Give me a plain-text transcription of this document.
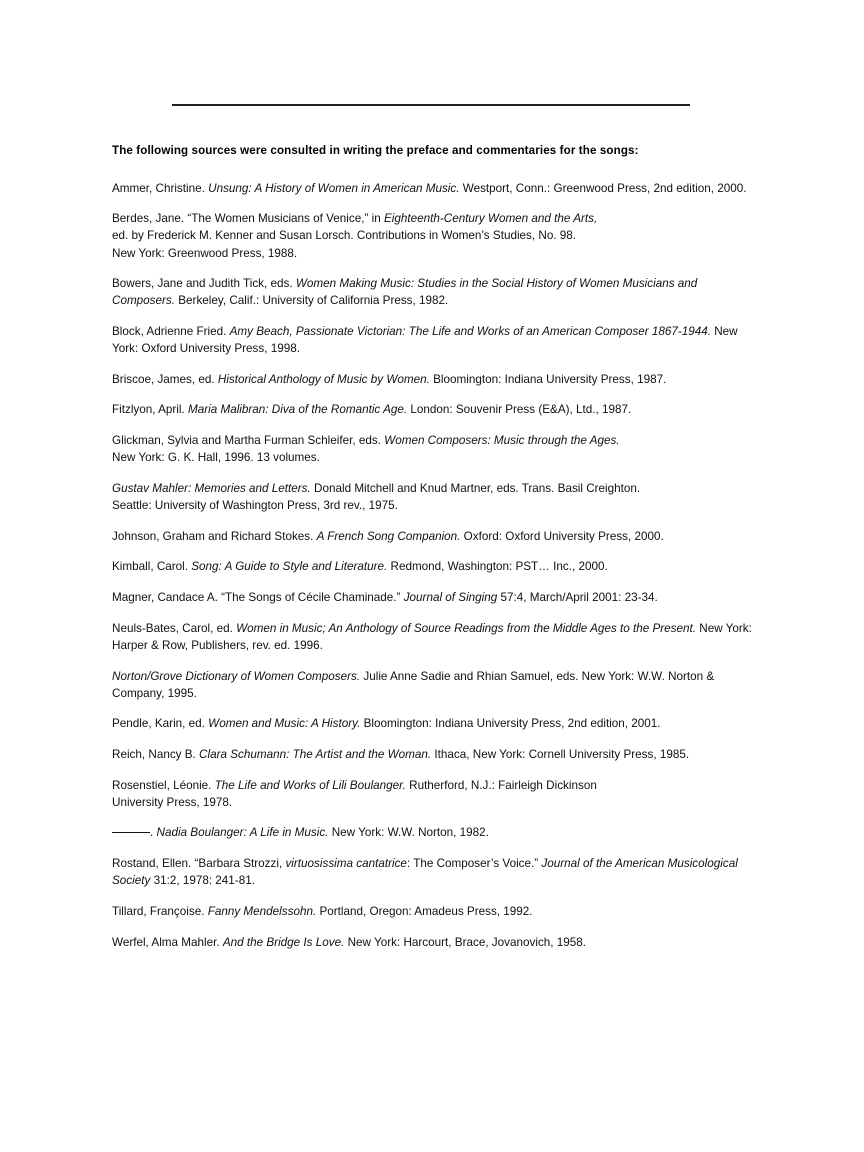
The following sources were consulted in writing the preface and commentaries for the songs:

Ammer, Christine. Unsung: A History of Women in American Music. Westport, Conn.: Greenwood Press, 2nd edition, 2000.

Berdes, Jane. “The Women Musicians of Venice,” in Eighteenth-Century Women and the Arts,
ed. by Frederick M. Kenner and Susan Lorsch. Contributions in Women’s Studies, No. 98.
New York: Greenwood Press, 1988.

Bowers, Jane and Judith Tick, eds. Women Making Music: Studies in the Social History of Women Musicians and Composers. Berkeley, Calif.: University of California Press, 1982.

Block, Adrienne Fried. Amy Beach, Passionate Victorian: The Life and Works of an American Composer 1867-1944. New York: Oxford University Press, 1998.

Briscoe, James, ed. Historical Anthology of Music by Women. Bloomington: Indiana University Press, 1987.

Fitzlyon, April. Maria Malibran: Diva of the Romantic Age. London: Souvenir Press (E&A), Ltd., 1987.

Glickman, Sylvia and Martha Furman Schleifer, eds. Women Composers: Music through the Ages.
New York: G. K. Hall, 1996. 13 volumes.

Gustav Mahler: Memories and Letters. Donald Mitchell and Knud Martner, eds. Trans. Basil Creighton.
Seattle: University of Washington Press, 3rd rev., 1975.

Johnson, Graham and Richard Stokes. A French Song Companion. Oxford: Oxford University Press, 2000.

Kimball, Carol. Song: A Guide to Style and Literature. Redmond, Washington: PST… Inc., 2000.

Magner, Candace A. “The Songs of Cécile Chaminade.” Journal of Singing 57:4, March/April 2001: 23-34.

Neuls-Bates, Carol, ed. Women in Music; An Anthology of Source Readings from the Middle Ages to the Present. New York: Harper & Row, Publishers, rev. ed. 1996.

Norton/Grove Dictionary of Women Composers. Julie Anne Sadie and Rhian Samuel, eds. New York: W.W. Norton & Company, 1995.

Pendle, Karin, ed. Women and Music: A History. Bloomington: Indiana University Press, 2nd edition, 2001.

Reich, Nancy B. Clara Schumann: The Artist and the Woman. Ithaca, New York: Cornell University Press, 1985.

Rosenstiel, Léonie. The Life and Works of Lili Boulanger. Rutherford, N.J.: Fairleigh Dickinson
University Press, 1978.

. Nadia Boulanger: A Life in Music. New York: W.W. Norton, 1982.

Rostand, Ellen. “Barbara Strozzi, virtuosissima cantatrice: The Composer’s Voice.” Journal of the American Musicological Society 31:2, 1978: 241-81.

Tillard, Françoise. Fanny Mendelssohn. Portland, Oregon: Amadeus Press, 1992.

Werfel, Alma Mahler. And the Bridge Is Love. New York: Harcourt, Brace, Jovanovich, 1958.
